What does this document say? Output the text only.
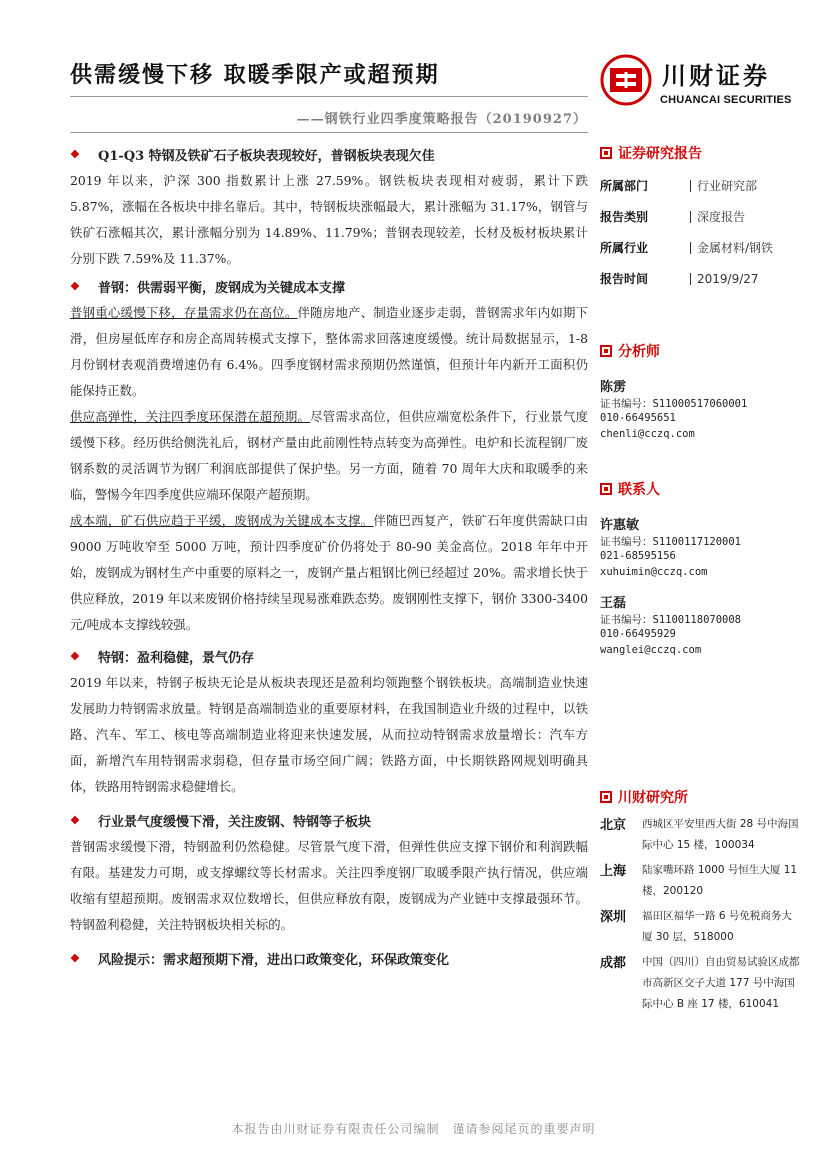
供需缓慢下移 取暖季限产或超预期
——钢铁行业四季度策略报告（20190927）
川财证券
CHUANCAI SECURITIES
❖	Q1-Q3 特钢及铁矿石子板块表现较好，普钢板块表现欠佳

2019 年以来，沪深 300 指数累计上涨 27.59%。钢铁板块表现相对疲弱，累计下跌 5.87%，涨幅在各板块中排名靠后。其中，特钢板块涨幅最大，累计涨幅为 31.17%，钢管与铁矿石涨幅其次，累计涨幅分别为 14.89%、11.79%；普钢表现较差，长材及板材板块累计分别下跌 7.59%及 11.37%。

❖	普钢：供需弱平衡，废钢成为关键成本支撑

普钢重心缓慢下移，存量需求仍在高位。伴随房地产、制造业逐步走弱，普钢需求年内如期下滑，但房屋低库存和房企高周转模式支撑下，整体需求回落速度缓慢。统计局数据显示，1-8 月份钢材表观消费增速仍有 6.4%。四季度钢材需求预期仍然谨慎，但预计年内新开工面积仍能保持正数。

供应高弹性，关注四季度环保潜在超预期。尽管需求高位，但供应端宽松条件下，行业景气度缓慢下移。经历供给侧洗礼后，钢材产量由此前刚性特点转变为高弹性。电炉和长流程钢厂废钢系数的灵活调节为钢厂利润底部提供了保护垫。另一方面，随着 70 周年大庆和取暖季的来临，警惕今年四季度供应端环保限产超预期。

成本端，矿石供应趋于平缓，废钢成为关键成本支撑。伴随巴西复产，铁矿石年度供需缺口由 9000 万吨收窄至 5000 万吨，预计四季度矿价仍将处于 80-90 美金高位。2018 年年中开始，废钢成为钢材生产中重要的原料之一，废钢产量占粗钢比例已经超过 20%。需求增长快于供应释放，2019 年以来废钢价格持续呈现易涨难跌态势。废钢刚性支撑下，钢价 3300-3400 元/吨成本支撑线较强。

❖	特钢：盈利稳健，景气仍存

2019 年以来，特钢子板块无论是从板块表现还是盈利均领跑整个钢铁板块。高端制造业快速发展助力特钢需求放量。特钢是高端制造业的重要原材料，在我国制造业升级的过程中，以铁路、汽车、军工、核电等高端制造业将迎来快速发展，从而拉动特钢需求放量增长：汽车方面，新增汽车用特钢需求弱稳，但存量市场空间广阔；铁路方面，中长期铁路网规划明确具体，铁路用特钢需求稳健增长。

❖	行业景气度缓慢下滑，关注废钢、特钢等子板块

普钢需求缓慢下滑，特钢盈利仍然稳健。尽管景气度下滑，但弹性供应支撑下钢价和利润跌幅有限。基建发力可期，或支撑螺纹等长材需求。关注四季度钢厂取暖季限产执行情况，供应端收缩有望超预期。废钢需求双位数增长，但供应释放有限，废钢成为产业链中支撑最强环节。特钢盈利稳健，关注特钢板块相关标的。

❖	风险提示：需求超预期下滑，进出口政策变化，环保政策变化
证券研究报告
所属部门	行业研究部
报告类别	深度报告
所属行业	金属材料/钢铁
报告时间	2019/9/27
分析师
陈雳
证书编号：S1100051706000​1
010-66495651
chenli@cczq.com
联系人
许惠敏
证书编号：S1100117120001
021-68595156
xuhuimin@cczq.com
王磊
证书编号：S1100118070008
010-66495929
wanglei@cczq.com
川财研究所
北京	西城区平安里西大街 28 号中海国际中心 15 楼，100034
上海	陆家嘴环路 1000 号恒生大厦 11 楼，200120
深圳	福田区福华一路 6 号免税商务大厦 30 层，518000
成都	中国（四川）自由贸易试验区成都市高新区交子大道 177 号中海国际中心 B 座 17 楼，610041
本报告由川财证券有限责任公司编制　谨请参阅尾页的重要声明
